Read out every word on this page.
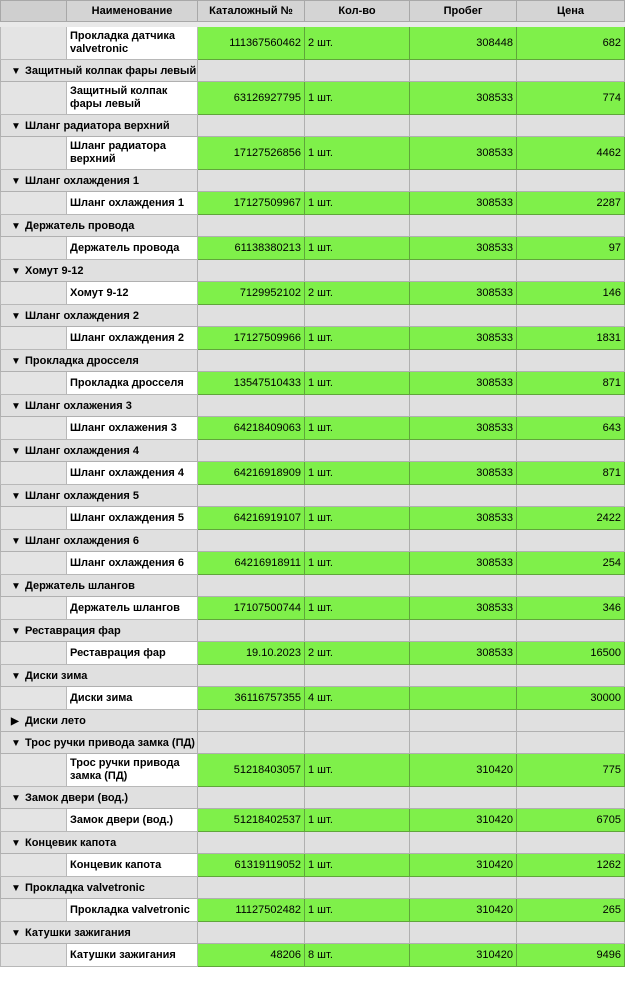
	Наименование	Каталожный №	Кол-во	Пробег	Цена

	Прокладка датчика valvetronic	111367560462	2 шт.	308448	682
▼ Защитный колпак фары левый					
	Защитный колпак фары левый	63126927795	1 шт.	308533	774
▼ Шланг радиатора верхний					
	Шланг радиатора верхний	17127526856	1 шт.	308533	4462
▼ Шланг охлаждения 1					
	Шланг охлаждения 1	17127509967	1 шт.	308533	2287
▼ Держатель провода					
	Держатель провода	61138380213	1 шт.	308533	97
▼ Хомут 9-12					
	Хомут 9-12	7129952102	2 шт.	308533	146
▼ Шланг охлаждения 2					
	Шланг охлаждения 2	17127509966	1 шт.	308533	1831
▼ Прокладка дросселя					
	Прокладка дросселя	13547510433	1 шт.	308533	871
▼ Шланг охлажения 3					
	Шланг охлажения 3	64218409063	1 шт.	308533	643
▼ Шланг охлаждения 4					
	Шланг охлаждения 4	64216918909	1 шт.	308533	871
▼ Шланг охлаждения 5					
	Шланг охлаждения 5	64216919107	1 шт.	308533	2422
▼ Шланг охлаждения 6					
	Шланг охлаждения 6	64216918911	1 шт.	308533	254
▼ Держатель шлангов					
	Держатель шлангов	17107500744	1 шт.	308533	346
▼ Реставрация фар					
	Реставрация фар	19.10.2023	2 шт.	308533	16500
▼ Диски зима					
	Диски зима	36116757355	4 шт.		30000
▶ Диски лето					
▼ Трос ручки привода замка (ПД)					
	Трос ручки привода замка (ПД)	51218403057	1 шт.	310420	775
▼ Замок двери (вод.)					
	Замок двери (вод.)	51218402537	1 шт.	310420	6705
▼ Концевик капота					
	Концевик капота	61319119052	1 шт.	310420	1262
▼ Прокладка valvetronic					
	Прокладка valvetronic	11127502482	1 шт.	310420	265
▼ Катушки зажигания					
	Катушки зажигания	48206	8 шт.	310420	9496
